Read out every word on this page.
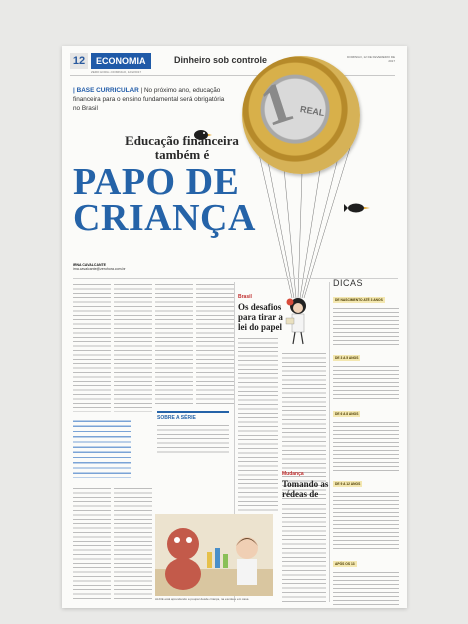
12	ECONOMIA	Dinheiro sob controle
ZERO HORA • DOMINGO, 12/2/2017
DOMINGO, 12 DE FEVEREIRO DE 2017
| BASE CURRICULAR | No próximo ano, educação financeira para o ensino fundamental será obrigatória no Brasil	1
REAL
Educação financeira também é
PAPO DE
CRIANÇA
IRNA CAVALCANTE
irna.cavalcante@zerohora.com.br
SOBRE A SÉRIE
Brasil
Os desafios para tirar a lei do papel
Mudança
Tomando as rédeas de
ALICE está aprendendo a poupar desde criança, na escola e em casa
DICAS
DE NASCIMENTO ATÉ 3 ANOS
DE 3 A 5 ANOS
DE 6 A 8 ANOS
DE 9 A 12 ANOS
APÓS OS 13
